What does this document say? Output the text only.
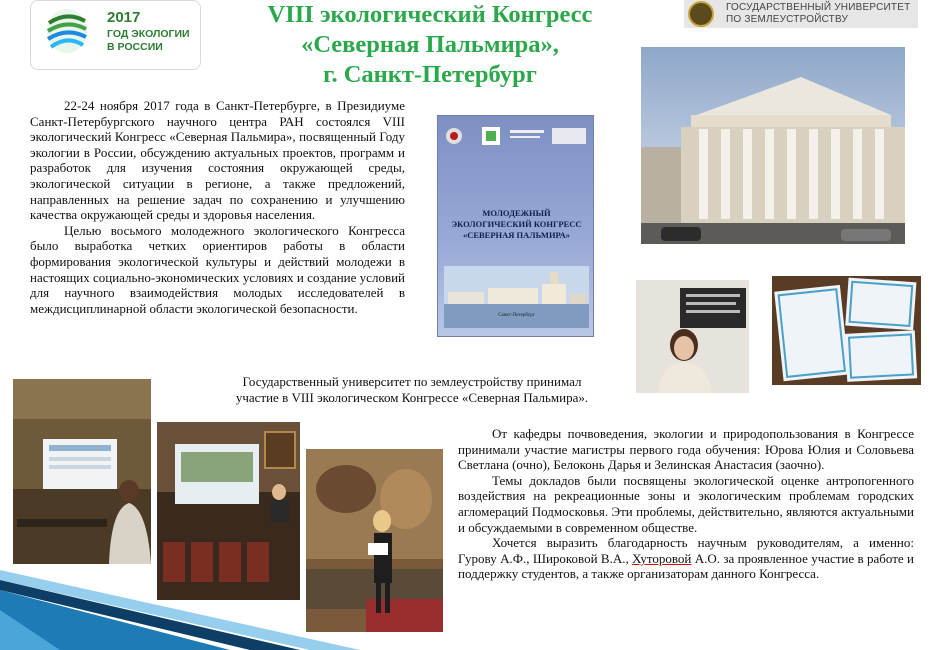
2017
ГОД ЭКОЛОГИИ
В РОССИИ
VIII экологический Конгресс
«Северная Пальмира»,
г. Санкт-Петербург
ГОСУДАРСТВЕННЫЙ УНИВЕРСИТЕТ
ПО ЗЕМЛЕУСТРОЙСТВУ

22-24 ноября 2017 года в Санкт-Петербурге, в Президиуме Санкт-Петербургского научного центра РАН состоялся VIII экологический Конгресс «Северная Пальмира», посвященный Году экологии в России, обсуждению актуальных проектов, программ и разработок для изучения состояния окружающей среды, экологической ситуации в регионе, а также предложений, направленных на решение задач по сохранению и улучшению качества окружающей среды и здоровья населения.

Целью восьмого молодежного экологического Конгресса было выработка четких ориентиров работы в области формирования экологической культуры и действий молодежи в настоящих социально-экономических условиях и создание условий для научного взаимодействия молодых исследователей в междисциплинарной области экологической безопасности.

МОЛОДЕЖНЫЙ
ЭКОЛОГИЧЕСКИЙ КОНГРЕСС
«СЕВЕРНАЯ ПАЛЬМИРА»
Санкт-Петербург
Государственный университет по землеустройству принимал
участие в VIII экологическом Конгрессе «Северная Пальмира».

От кафедры почвоведения, экологии и природопользования в Конгрессе принимали участие магистры первого года обучения: Юрова Юлия и Соловьева Светлана (очно), Белоконь Дарья и Зелинская Анастасия (заочно).

Темы докладов были посвящены экологической оценке антропогенного воздействия на рекреационные зоны и экологическим проблемам городских агломераций Подмосковья. Эти проблемы, действительно, являются актуальными и обсуждаемыми в современном обществе.

Хочется выразить благодарность научным руководителям, а именно: Гурову А.Ф., Широковой В.А., Хуторовой А.О. за проявленное участие в работе и поддержку студентов, а также организаторам данного Конгресса.
